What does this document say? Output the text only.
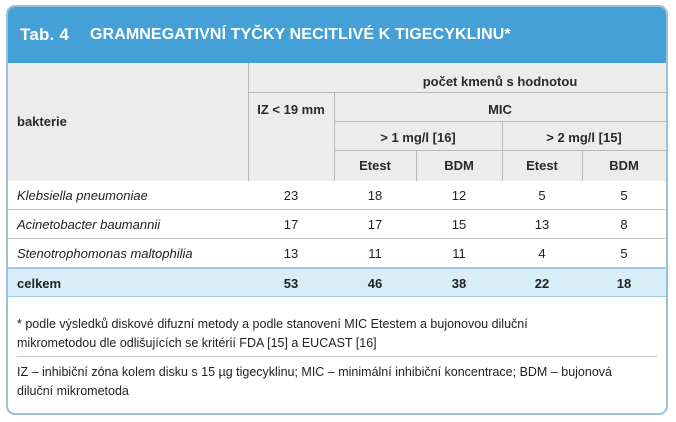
Tab. 4	GRAMNEGATIVNÍ TYČKY NECITLIVÉ K TIGECYKLINU*
bakterie
počet kmenů s hodnotou
IZ < 19 mm	MIC
> 1 mg/l [16]	> 2 mg/l [15]
Etest	BDM	Etest	BDM
Klebsiella pneumoniae	23	18	12	5	5
Acinetobacter baumannii	17	17	15	13	8
Stenotrophomonas maltophilia	13	11	11	4	5
celkem	53	46	38	22	18
* podle výsledků diskové difuzní metody a podle stanovení MIC Etestem a bujonovou diluční
mikrometodou dle odlišujících se kritérií FDA [15] a EUCAST [16]
IZ – inhibiční zóna kolem disku s 15 µg tigecyklinu; MIC – minimální inhibiční koncentrace; BDM – bujonová
diluční mikrometoda
